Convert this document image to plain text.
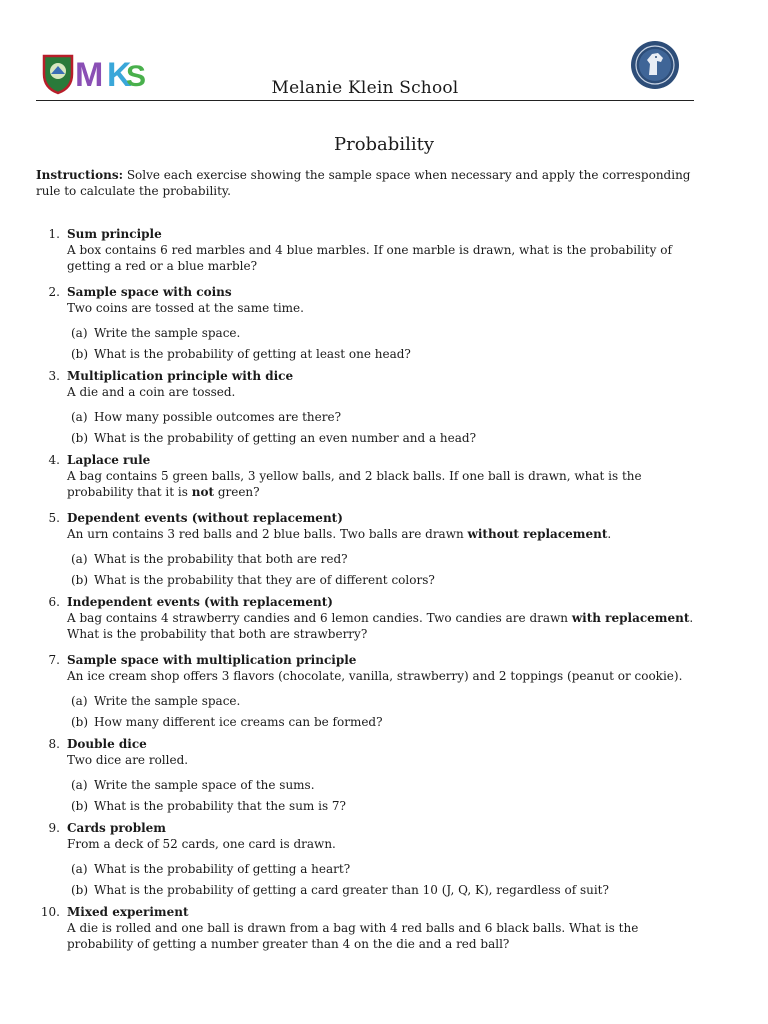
M K
S	Melanie Klein School
Probability
Instructions: Solve each exercise showing the sample space when necessary and apply the corresponding rule to calculate the probability.
1. Sum principle
A box contains 6 red marbles and 4 blue marbles. If one marble is drawn, what is the probability of getting a red or a blue marble?
2. Sample space with coins
Two coins are tossed at the same time.
(a) Write the sample space.
(b) What is the probability of getting at least one head?
3. Multiplication principle with dice
A die and a coin are tossed.
(a) How many possible outcomes are there?
(b) What is the probability of getting an even number and a head?
4. Laplace rule
A bag contains 5 green balls, 3 yellow balls, and 2 black balls. If one ball is drawn, what is the probability that it is not green?
5. Dependent events (without replacement)
An urn contains 3 red balls and 2 blue balls. Two balls are drawn without replacement.
(a) What is the probability that both are red?
(b) What is the probability that they are of different colors?
6. Independent events (with replacement)
A bag contains 4 strawberry candies and 6 lemon candies. Two candies are drawn with replacement. What is the probability that both are strawberry?
7. Sample space with multiplication principle
An ice cream shop offers 3 flavors (chocolate, vanilla, strawberry) and 2 toppings (peanut or cookie).
(a) Write the sample space.
(b) How many different ice creams can be formed?
8. Double dice
Two dice are rolled.
(a) Write the sample space of the sums.
(b) What is the probability that the sum is 7?
9. Cards problem
From a deck of 52 cards, one card is drawn.
(a) What is the probability of getting a heart?
(b) What is the probability of getting a card greater than 10 (J, Q, K), regardless of suit?
10. Mixed experiment
A die is rolled and one ball is drawn from a bag with 4 red balls and 6 black balls. What is the probability of getting a number greater than 4 on the die and a red ball?
